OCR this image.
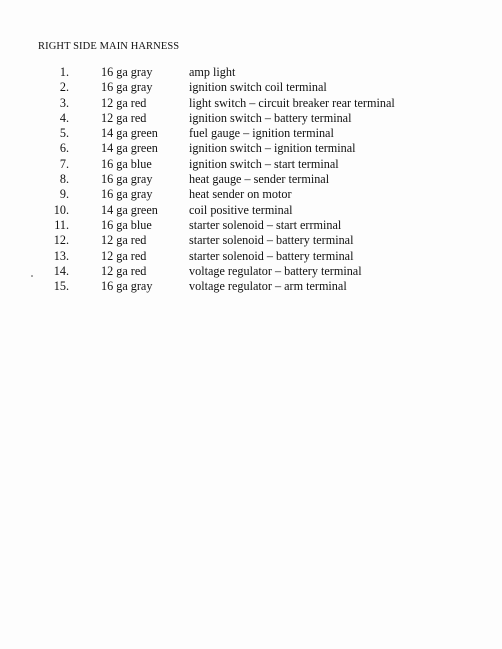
RIGHT SIDE MAIN HARNESS
1.	16 ga gray	amp light
2.	16 ga gray	ignition switch coil terminal
3.	12 ga red	light switch – circuit breaker rear terminal
4.	12 ga red	ignition switch – battery terminal
5.	14 ga green	fuel gauge – ignition terminal
6.	14 ga green	ignition switch – ignition terminal
7.	16 ga blue	ignition switch – start terminal
8.	16 ga gray	heat gauge – sender terminal
9.	16 ga gray	heat sender on motor
10.	14 ga green	coil positive terminal
11.	16 ga blue	starter solenoid – start errminal
12.	12 ga red	starter solenoid – battery terminal
13.	12 ga red	starter solenoid – battery terminal
14.	12 ga red	voltage regulator – battery terminal
15.	16 ga gray	voltage regulator – arm terminal
